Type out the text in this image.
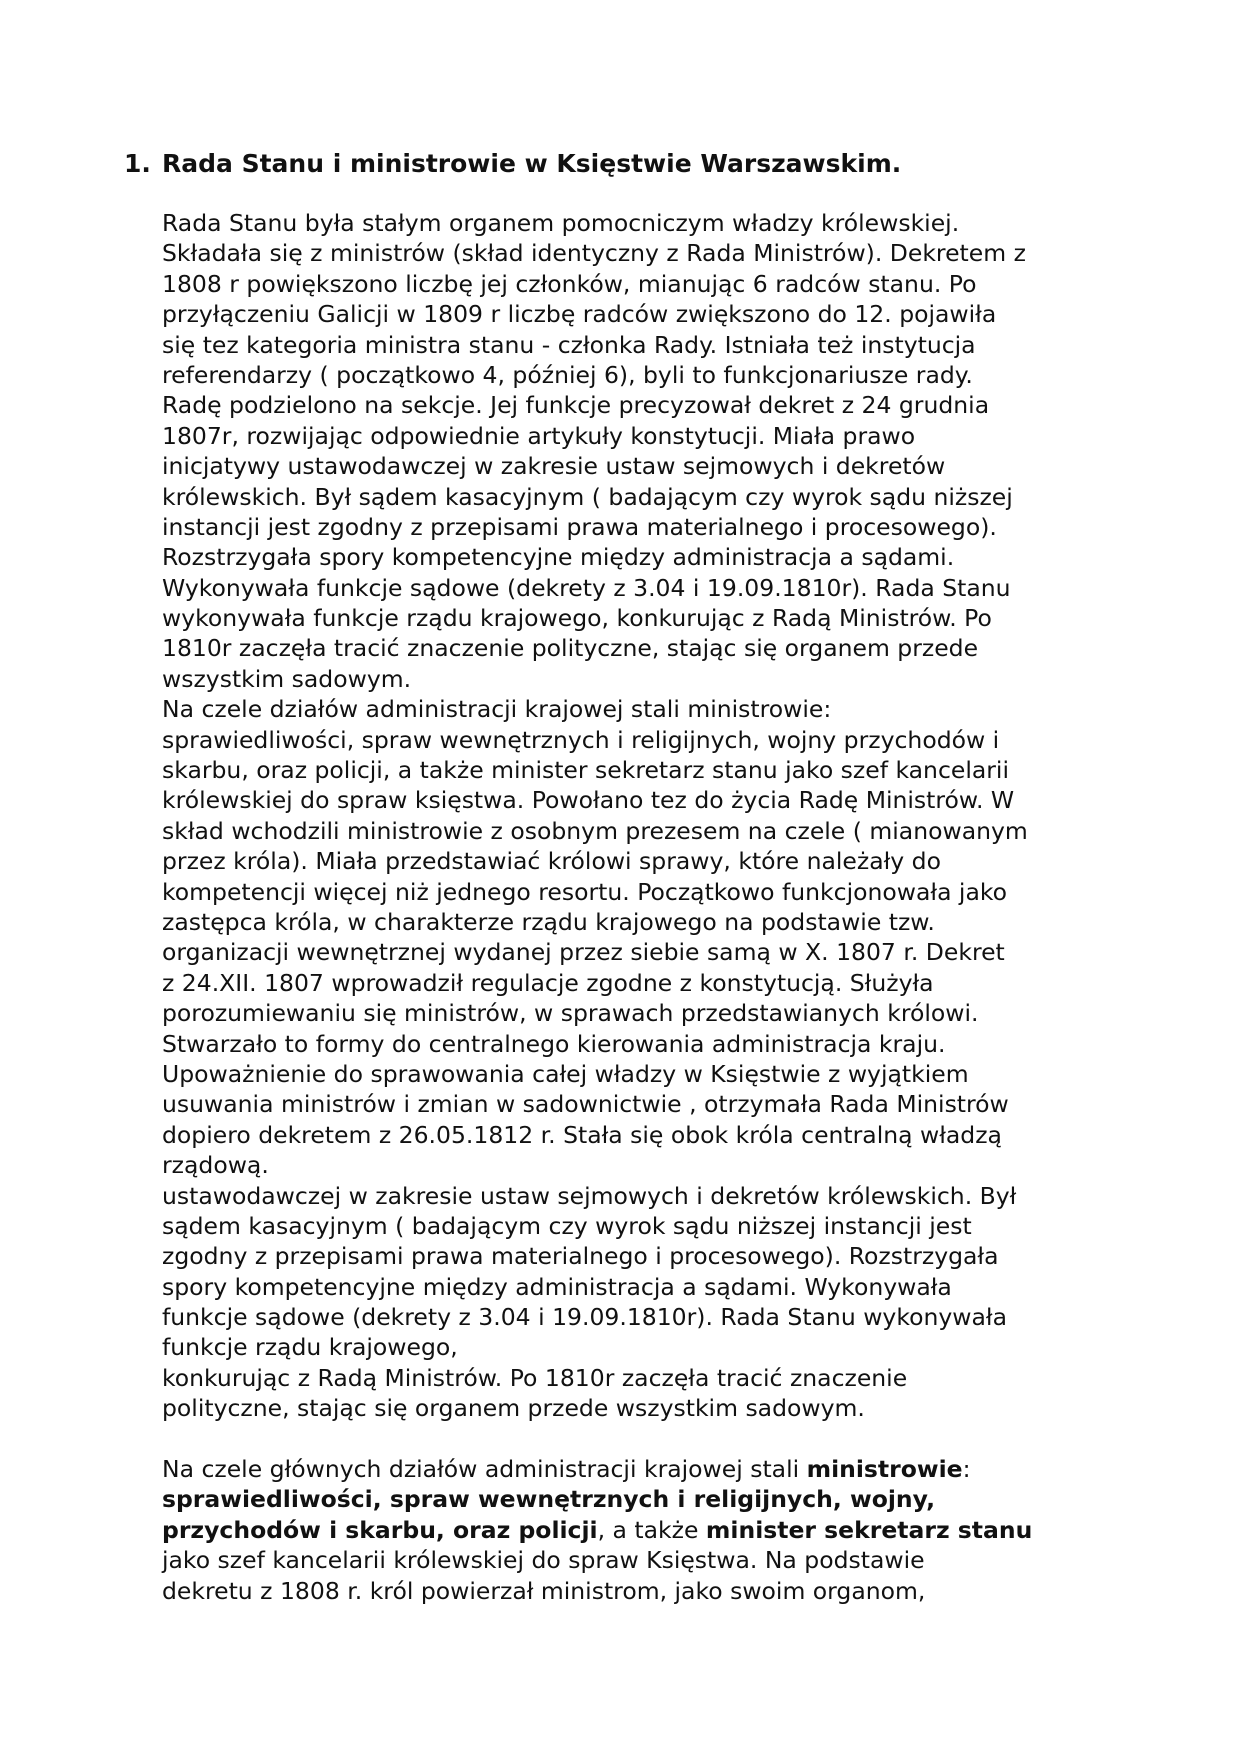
1. Rada Stanu i ministrowie w Księstwie Warszawskim.
Rada Stanu była stałym organem pomocniczym władzy królewskiej.
Składała się z ministrów (skład identyczny z Rada Ministrów). Dekretem z
1808 r powiększono liczbę jej członków, mianując 6 radców stanu. Po
przyłączeniu Galicji w 1809 r liczbę radców zwiększono do 12. pojawiła
się tez kategoria ministra stanu - członka Rady. Istniała też instytucja
referendarzy ( początkowo 4, później 6), byli to funkcjonariusze rady.
Radę podzielono na sekcje. Jej funkcje precyzował dekret z 24 grudnia
1807r, rozwijając odpowiednie artykuły konstytucji. Miała prawo
inicjatywy ustawodawczej w zakresie ustaw sejmowych i dekretów
królewskich. Był sądem kasacyjnym ( badającym czy wyrok sądu niższej
instancji jest zgodny z przepisami prawa materialnego i procesowego).
Rozstrzygała spory kompetencyjne między administracja a sądami.
Wykonywała funkcje sądowe (dekrety z 3.04 i 19.09.1810r). Rada Stanu
wykonywała funkcje rządu krajowego, konkurując z Radą Ministrów. Po
1810r zaczęła tracić znaczenie polityczne, stając się organem przede
wszystkim sadowym.
Na czele działów administracji krajowej stali ministrowie:
sprawiedliwości, spraw wewnętrznych i religijnych, wojny przychodów i
skarbu, oraz policji, a także minister sekretarz stanu jako szef kancelarii
królewskiej do spraw księstwa. Powołano tez do życia Radę Ministrów. W
skład wchodzili ministrowie z osobnym prezesem na czele ( mianowanym
przez króla). Miała przedstawiać królowi sprawy, które należały do
kompetencji więcej niż jednego resortu. Początkowo funkcjonowała jako
zastępca króla, w charakterze rządu krajowego na podstawie tzw.
organizacji wewnętrznej wydanej przez siebie samą w X. 1807 r. Dekret
z 24.XII. 1807 wprowadził regulacje zgodne z konstytucją. Służyła
porozumiewaniu się ministrów, w sprawach przedstawianych królowi.
Stwarzało to formy do centralnego kierowania administracja kraju.
Upoważnienie do sprawowania całej władzy w Księstwie z wyjątkiem
usuwania ministrów i zmian w sadownictwie , otrzymała Rada Ministrów
dopiero dekretem z 26.05.1812 r. Stała się obok króla centralną władzą
rządową.
ustawodawczej w zakresie ustaw sejmowych i dekretów królewskich. Był
sądem kasacyjnym ( badającym czy wyrok sądu niższej instancji jest
zgodny z przepisami prawa materialnego i procesowego). Rozstrzygała
spory kompetencyjne między administracja a sądami. Wykonywała
funkcje sądowe (dekrety z 3.04 i 19.09.1810r). Rada Stanu wykonywała
funkcje rządu krajowego,
konkurując z Radą Ministrów. Po 1810r zaczęła tracić znaczenie
polityczne, stając się organem przede wszystkim sadowym.
Na czele głównych działów administracji krajowej stali ministrowie:
sprawiedliwości, spraw wewnętrznych i religijnych, wojny,
przychodów i skarbu, oraz policji, a także minister sekretarz stanu
jako szef kancelarii królewskiej do spraw Księstwa. Na podstawie
dekretu z 1808 r. król powierzał ministrom, jako swoim organom,
